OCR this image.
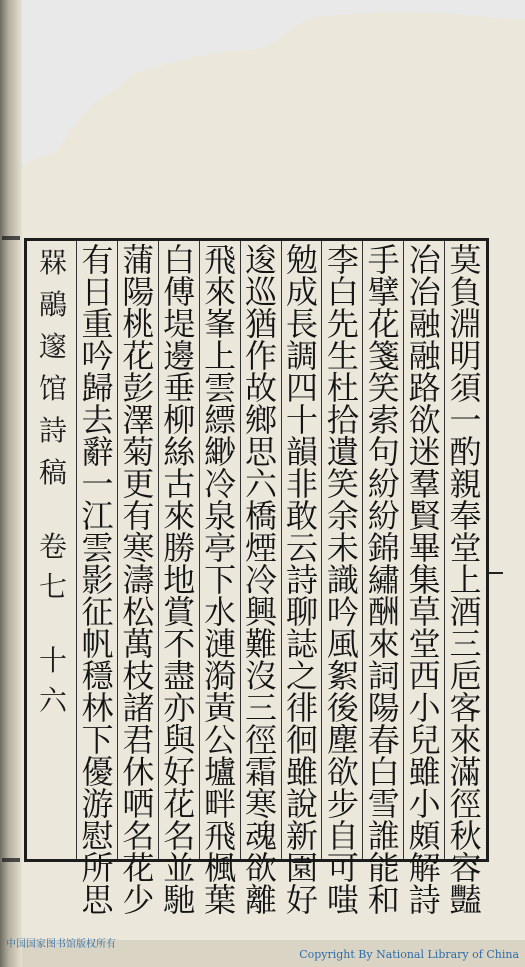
槑
鷊
邃
馆
詩
稿
卷
七
十
六
莫
負
淵
明
須
一
酌
親
奉
堂
上
酒
三
巵
客
來
滿
徑
秋
容
豔
冶
冶
融
融
路
欲
迷
羣
賢
畢
集
草
堂
西
小
兒
雖
小
頗
解
詩
手
擘
花
箋
笑
索
句
紛
紛
錦
繡
酬
來
詞
陽
春
白
雪
誰
能
和
李
白
先
生
杜
拾
遺
笑
余
未
識
吟
風
絮
後
塵
欲
步
自
可
嗤
勉
成
長
調
四
十
韻
非
敢
云
詩
聊
誌
之
徘
徊
雖
說
新
園
好
逡
巡
猶
作
故
鄉
思
六
橋
煙
冷
興
難
沒
三
徑
霜
寒
魂
欲
離
飛
來
峯
上
雲
縹
緲
冷
泉
亭
下
水
漣
漪
黃
公
壚
畔
飛
楓
葉
白
傅
堤
邊
垂
柳
絲
古
來
勝
地
賞
不
盡
亦
與
好
花
名
並
馳
蒲
陽
桃
花
彭
澤
菊
更
有
寒
濤
松
萬
枝
諸
君
休
哂
名
花
少
有
日
重
吟
歸
去
辭
一
江
雲
影
征
帆
穩
林
下
優
游
慰
所
思
中国国家图书馆版权所有
Copyright By National Library of China
